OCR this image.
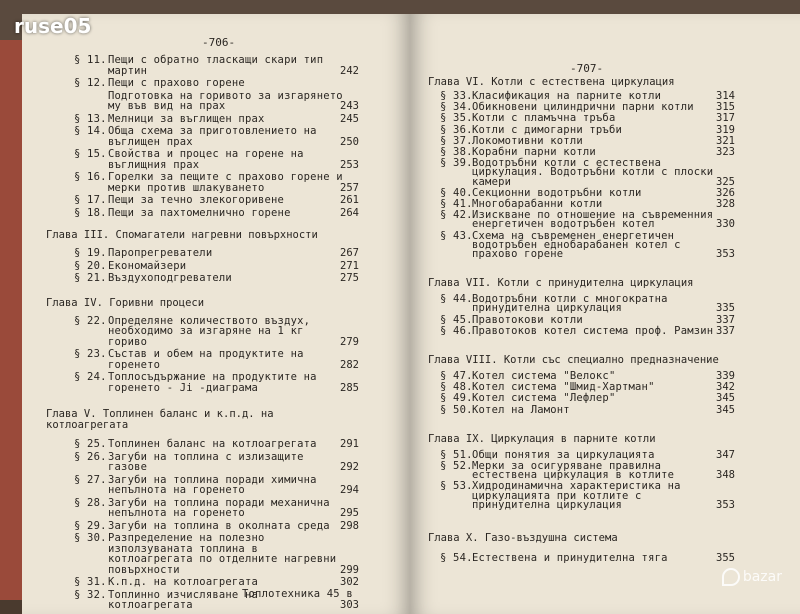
ruse05
-706-
§ 11. Пещи с обратно тласкащи скари тип
мартин	242
§ 12. Пещи с прахово горене
Подготовка на горивото за изгарянето
му във вид на прах	243
§ 13. Мелници за въглищен прах	245
§ 14. Обща схема за приготовлението на
въглищен прах	250
§ 15. Свойства и процес на горене на
въглищния прах	253
§ 16. Горелки за пещите с прахово горене и
мерки против шлакуването	257
§ 17. Пещи за течно злекогоривене	261
§ 18. Пещи за пахтомелнично горене	264
Глава III. Спомагатели нагревни повърхности
§ 19. Паропрегреватели	267
§ 20. Економайзери	271
§ 21. Въздухоподгреватели	275
Глава IV. Горивни процеси
§ 22. Определяне количеството въздух,
необходимо за изгаряне на 1 кг
гориво	279
§ 23. Състав и обем на продуктите на
горенето	282
§ 24. Топлосъдържание на продуктите на
горенето - Ji -диаграма	285
Глава V. Топлинен баланс и к.п.д. на
котлоагрегата
§ 25. Топлинен баланс на котлоагрегата 291
§ 26. Загуби на топлина с излизащите
газове	292
§ 27. Загуби на топлина поради химична
непълнота на горенето	294
§ 28. Загуби на топлина поради механична
непълнота на горенето	295
§ 29. Загуби на топлина в околната среда 298
§ 30. Разпределение на полезно
използуваната топлина в
котлоагрегата по отделните нагревни
повърхности	299
§ 31. К.п.д. на котлоагрегата	302
§ 32. Топлинно изчисляване на
котлоагрегата	303
Топлотехника 45 в
-707-
Глава VI. Котли с естествена циркулация
§ 33. Класификация на парните котли	314
§ 34. Обикновени цилиндрични парни котли 315
§ 35. Котли с пламъчна тръба	317
§ 36. Котли с димогарни тръби	319
§ 37. Локомотивни котли	321
§ 38. Корабни парни котли	323
§ 39. Водотръбни котли с естествена
циркулация. Водотръбни котли с плоски
камери	325
§ 40. Секционни водотръбни котли	326
§ 41. Многобарабанни котли	328
§ 42. Изискване по отношение на съвременния
енергетичен водотръбен котел	330
§ 43. Схема на съвременен енергетичен
водотръбен еднобарабанен котел с
прахово горене	353
Глава VII. Котли с принудителна циркулация
§ 44. Водотръбни котли с многократна
принудителна циркулация	335
§ 45. Правотокови котли	337
§ 46. Правотоков котел система проф. Рамзин 337
Глава VIII. Котли със специално предназначение
§ 47. Котел система "Велокс"	339
§ 48. Котел система "Шмид-Хартман"	342
§ 49. Котел система "Лефлер"	345
§ 50. Котел на Ламонт	345
Глава IX. Циркулация в парните котли
§ 51. Общи понятия за циркулацията	347
§ 52. Мерки за осигуряване правилна
естествена циркулация в котлите	348
§ 53. Хидродинамична характеристика на
циркулацията при котлите с
принудителна циркулация	353
Глава X. Газо-въздушна система
§ 54. Естествена и принудителна тяга	355
bazar
